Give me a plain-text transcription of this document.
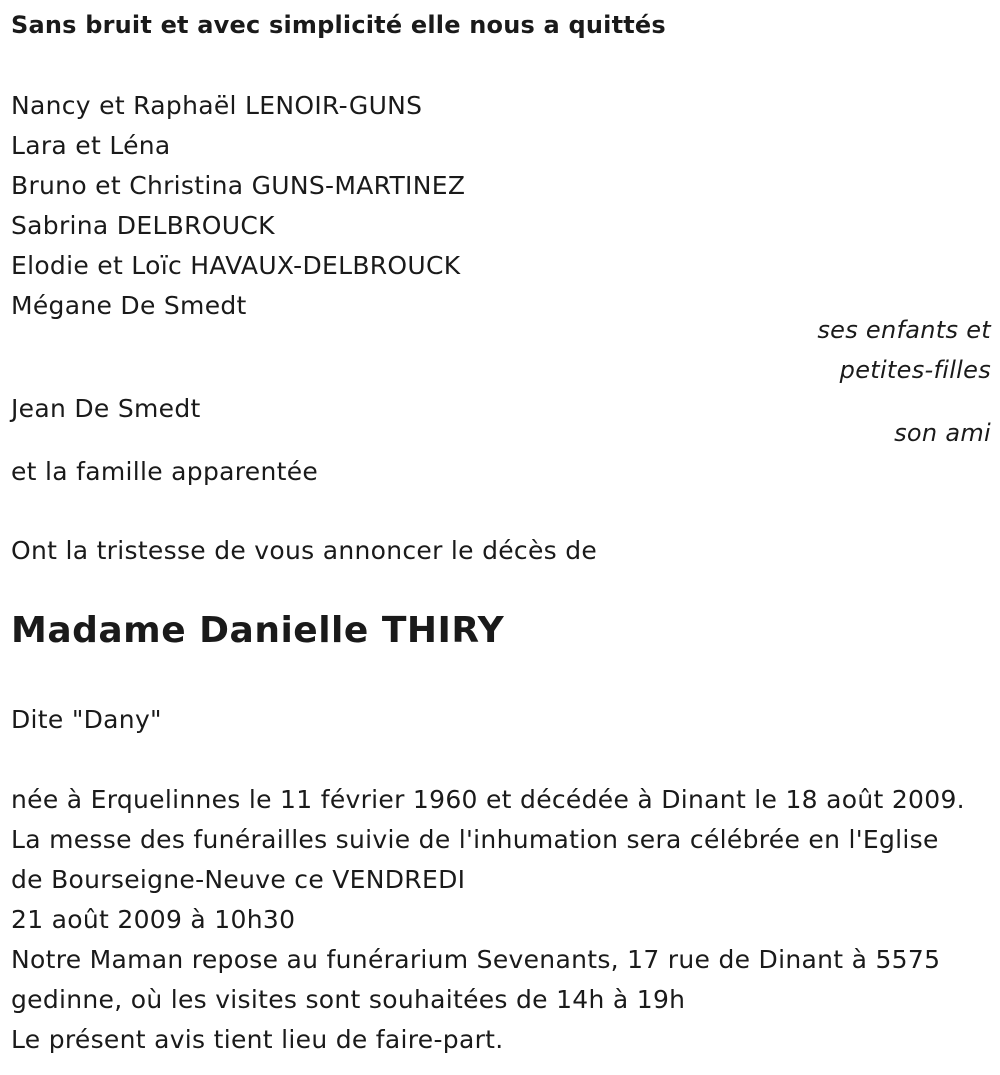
Sans bruit et avec simplicité elle nous a quittés
Nancy et Raphaël LENOIR-GUNS
Lara et Léna
Bruno et Christina GUNS-MARTINEZ
Sabrina DELBROUCK
Elodie et Loïc HAVAUX-DELBROUCK
Mégane De Smedt
ses enfants et
petites-filles
Jean De Smedt
son ami
et la famille apparentée
Ont la tristesse de vous annoncer le décès de
Madame Danielle THIRY
Dite "Dany"
née à Erquelinnes le 11 février 1960 et décédée à Dinant le 18 août 2009.
La messe des funérailles suivie de l'inhumation sera célébrée en l'Eglise
de Bourseigne-Neuve ce VENDREDI
21 août 2009 à 10h30
Notre Maman repose au funérarium Sevenants, 17 rue de Dinant à 5575
gedinne, où les visites sont souhaitées de 14h à 19h
Le présent avis tient lieu de faire-part.
